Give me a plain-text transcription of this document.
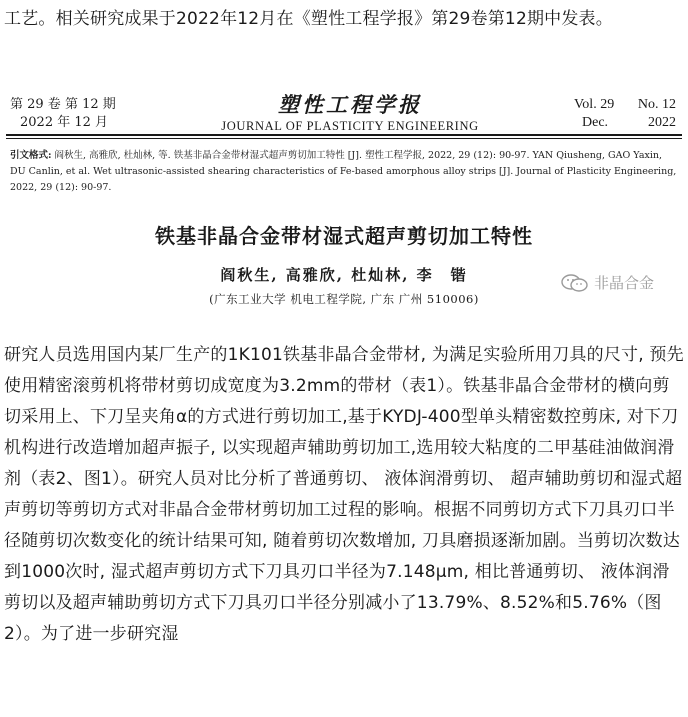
工艺。相关研究成果于2022年12月在《塑性工程学报》第29卷第12期中发表。

第 29 卷 第 12 期
2022 年 12 月
塑性工程学报
JOURNAL OF PLASTICITY ENGINEERING
Vol. 29 No. 12
Dec.	2022
引文格式: 阎秋生, 高雅欣, 杜灿林, 等. 铁基非晶合金带材湿式超声剪切加工特性 [J]. 塑性工程学报, 2022, 29 (12): 90-97. YAN Qiusheng, GAO Yaxin, DU Canlin, et al. Wet ultrasonic-assisted shearing characteristics of Fe-based amorphous alloy strips [J]. Journal of Plasticity Engineering, 2022, 29 (12): 90-97.
铁基非晶合金带材湿式超声剪切加工特性
阎秋生, 高雅欣, 杜灿林, 李　锴
(广东工业大学 机电工程学院, 广东 广州 510006)
非晶合金

研究人员选用国内某厂生产的1K101铁基非晶合金带材, 为满足实验所用刀具的尺寸, 预先使用精密滚剪机将带材剪切成宽度为3.2mm的带材（表1）。铁基非晶合金带材的横向剪切采用上、下刀呈夹角α的方式进行剪切加工,基于KYDJ-400型单头精密数控剪床, 对下刀机构进行改造增加超声振子, 以实现超声辅助剪切加工,选用较大粘度的二甲基硅油做润滑剂（表2、图1）。研究人员对比分析了普通剪切、 液体润滑剪切、 超声辅助剪切和湿式超声剪切等剪切方式对非晶合金带材剪切加工过程的影响。根据不同剪切方式下刀具刃口半径随剪切次数变化的统计结果可知, 随着剪切次数增加, 刀具磨损逐渐加剧。当剪切次数达到1000次时, 湿式超声剪切方式下刀具刃口半径为7.148μm, 相比普通剪切、 液体润滑剪切以及超声辅助剪切方式下刀具刃口半径分别减小了13.79%、8.52%和5.76%（图2）。为了进一步研究湿
